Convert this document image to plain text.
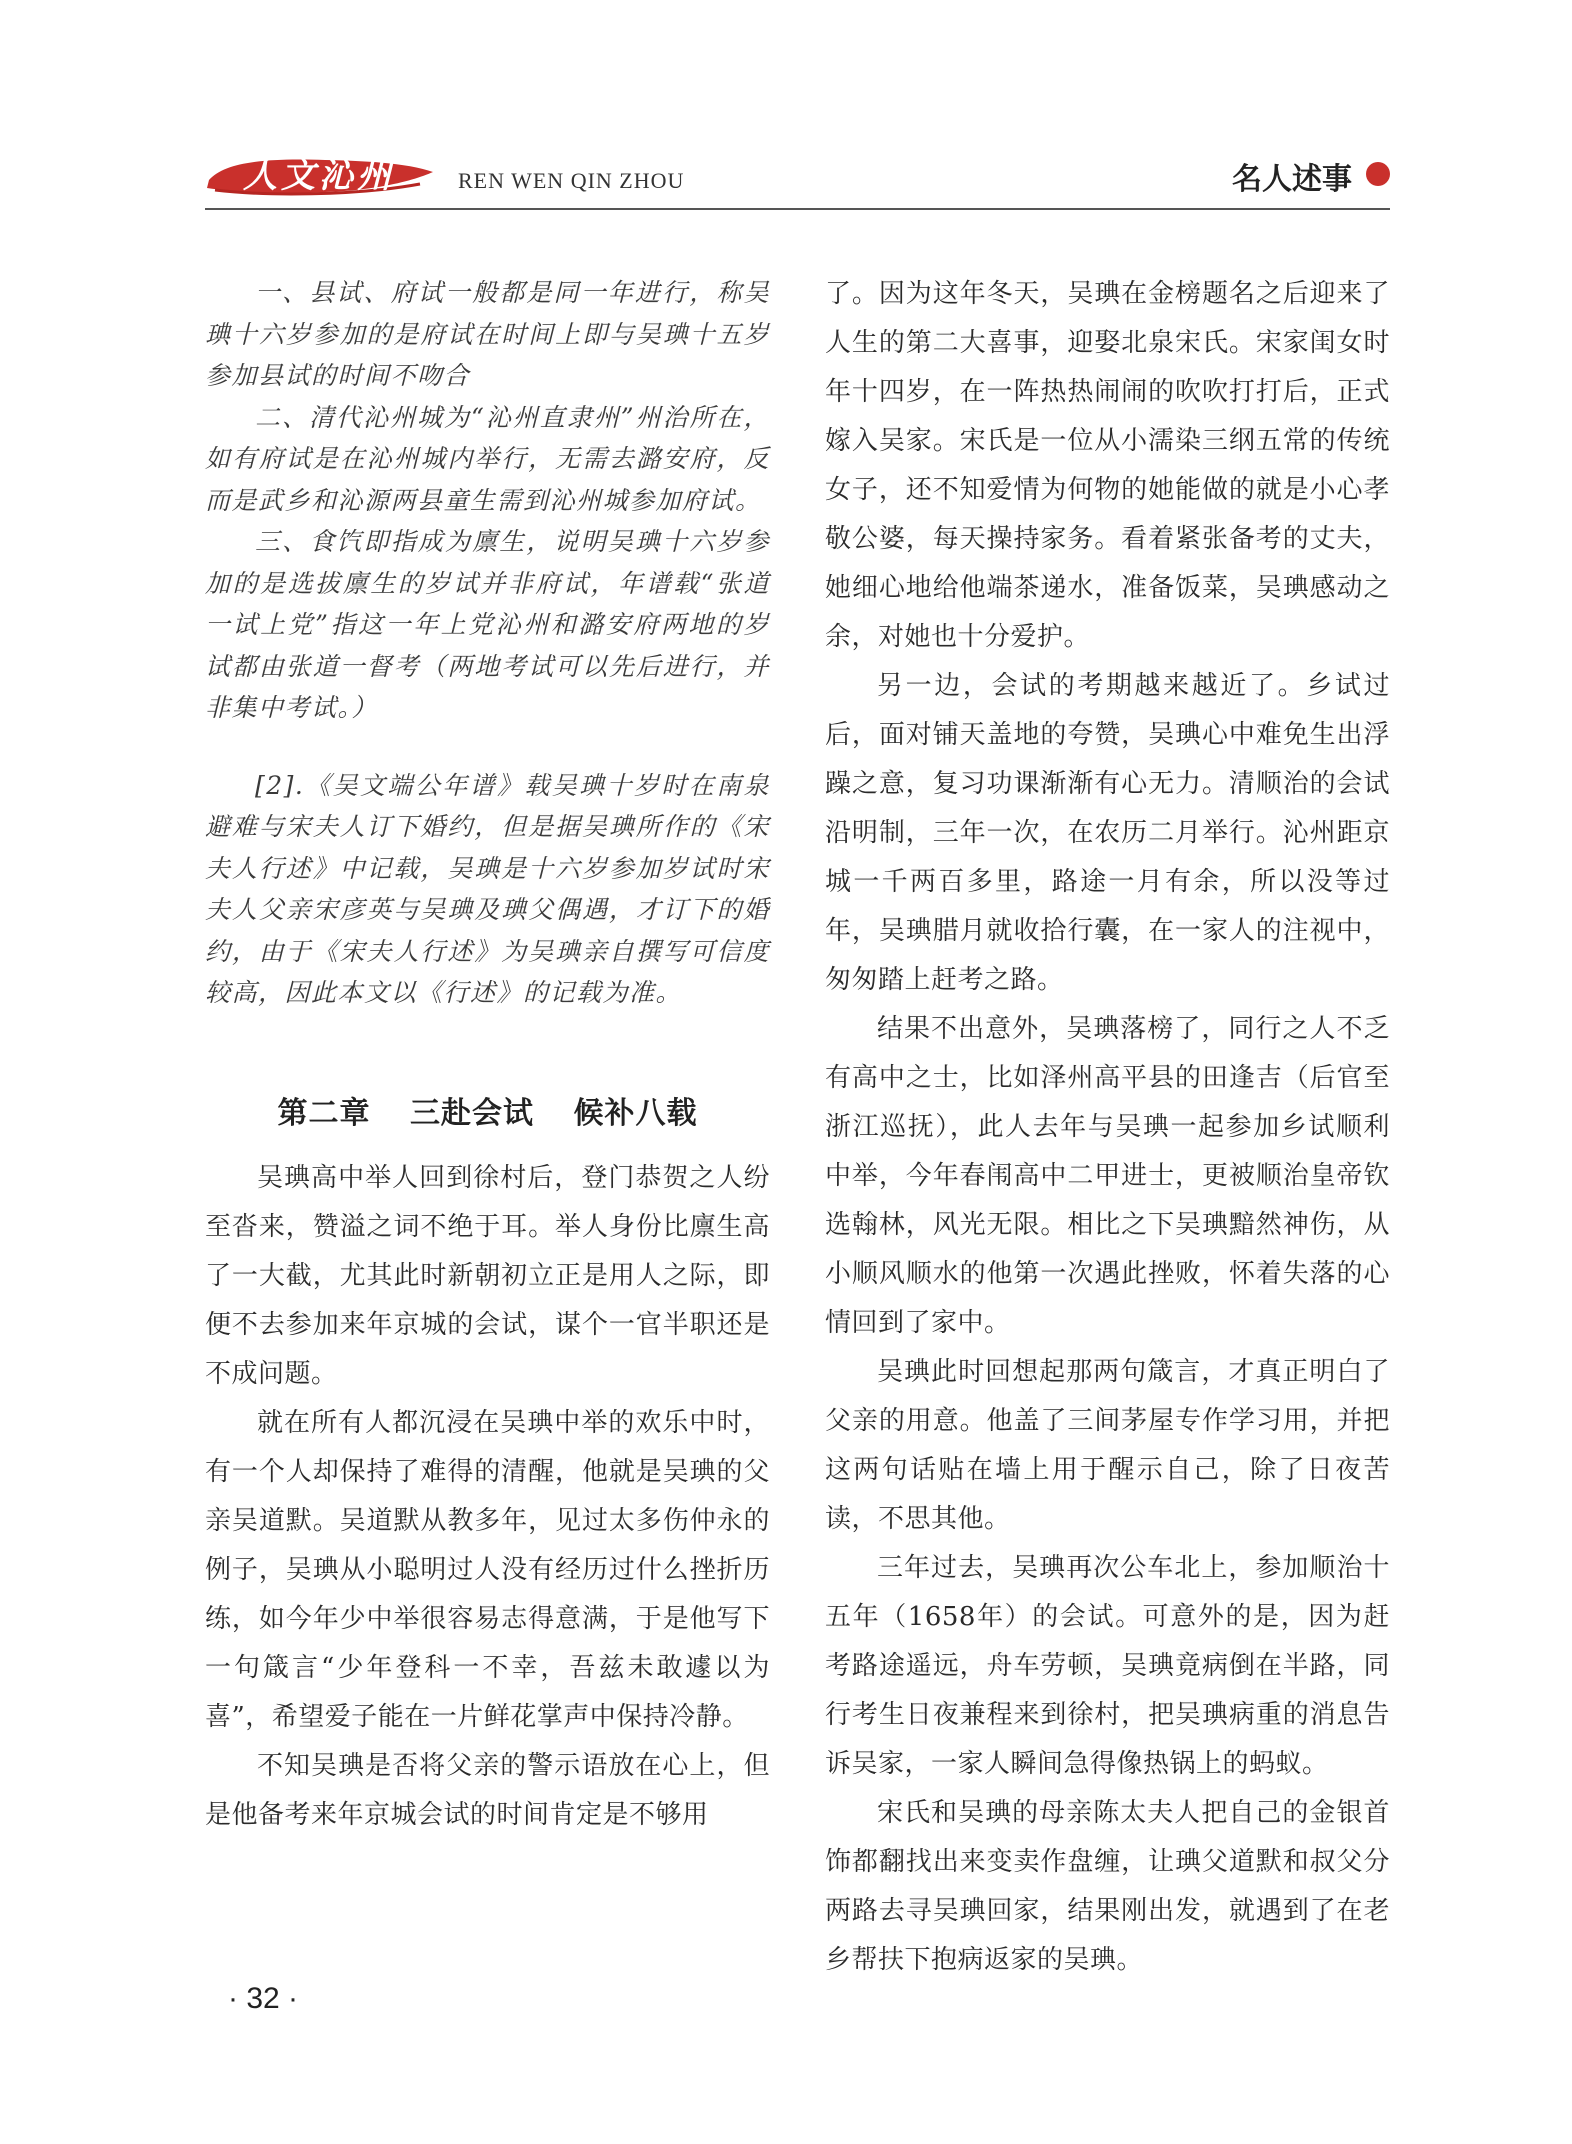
人文沁州	REN WEN QIN ZHOU	名人述事

一、县试、府试一般都是同一年进行，称吴琠十六岁参加的是府试在时间上即与吴琠十五岁参加县试的时间不吻合

二、清代沁州城为“沁州直隶州”州治所在，如有府试是在沁州城内举行，无需去潞安府，反而是武乡和沁源两县童生需到沁州城参加府试。

三、食饩即指成为廪生，说明吴琠十六岁参加的是选拔廪生的岁试并非府试，年谱载“张道一试上党”指这一年上党沁州和潞安府两地的岁试都由张道一督考（两地考试可以先后进行，并非集中考试。）

[2].《吴文端公年谱》载吴琠十岁时在南泉避难与宋夫人订下婚约，但是据吴琠所作的《宋夫人行述》中记载，吴琠是十六岁参加岁试时宋夫人父亲宋彦英与吴琠及琠父偶遇，才订下的婚约，由于《宋夫人行述》为吴琠亲自撰写可信度较高，因此本文以《行述》的记载为准。

第二章 三赴会试 候补八载

吴琠高中举人回到徐村后，登门恭贺之人纷至沓来，赞溢之词不绝于耳。举人身份比廪生高了一大截，尤其此时新朝初立正是用人之际，即便不去参加来年京城的会试，谋个一官半职还是不成问题。

就在所有人都沉浸在吴琠中举的欢乐中时，有一个人却保持了难得的清醒，他就是吴琠的父亲吴道默。吴道默从教多年，见过太多伤仲永的例子，吴琠从小聪明过人没有经历过什么挫折历练，如今年少中举很容易志得意满，于是他写下一句箴言“少年登科一不幸，吾兹未敢遽以为喜”，希望爱子能在一片鲜花掌声中保持冷静。

不知吴琠是否将父亲的警示语放在心上，但是他备考来年京城会试的时间肯定是不够用

了。因为这年冬天，吴琠在金榜题名之后迎来了人生的第二大喜事，迎娶北泉宋氏。宋家闺女时年十四岁，在一阵热热闹闹的吹吹打打后，正式嫁入吴家。宋氏是一位从小濡染三纲五常的传统女子，还不知爱情为何物的她能做的就是小心孝敬公婆，每天操持家务。看着紧张备考的丈夫，她细心地给他端茶递水，准备饭菜，吴琠感动之余，对她也十分爱护。

另一边，会试的考期越来越近了。乡试过后，面对铺天盖地的夸赞，吴琠心中难免生出浮躁之意，复习功课渐渐有心无力。清顺治的会试沿明制，三年一次，在农历二月举行。沁州距京城一千两百多里，路途一月有余，所以没等过年，吴琠腊月就收拾行囊，在一家人的注视中，匆匆踏上赶考之路。

结果不出意外，吴琠落榜了，同行之人不乏有高中之士，比如泽州高平县的田逢吉（后官至浙江巡抚），此人去年与吴琠一起参加乡试顺利中举，今年春闱高中二甲进士，更被顺治皇帝钦选翰林，风光无限。相比之下吴琠黯然神伤，从小顺风顺水的他第一次遇此挫败，怀着失落的心情回到了家中。

吴琠此时回想起那两句箴言，才真正明白了父亲的用意。他盖了三间茅屋专作学习用，并把这两句话贴在墙上用于醒示自己，除了日夜苦读，不思其他。

三年过去，吴琠再次公车北上，参加顺治十五年（1658年）的会试。可意外的是，因为赶考路途遥远，舟车劳顿，吴琠竟病倒在半路，同行考生日夜兼程来到徐村，把吴琠病重的消息告诉吴家，一家人瞬间急得像热锅上的蚂蚁。

宋氏和吴琠的母亲陈太夫人把自己的金银首饰都翻找出来变卖作盘缠，让琠父道默和叔父分两路去寻吴琠回家，结果刚出发，就遇到了在老乡帮扶下抱病返家的吴琠。

· 32 ·
